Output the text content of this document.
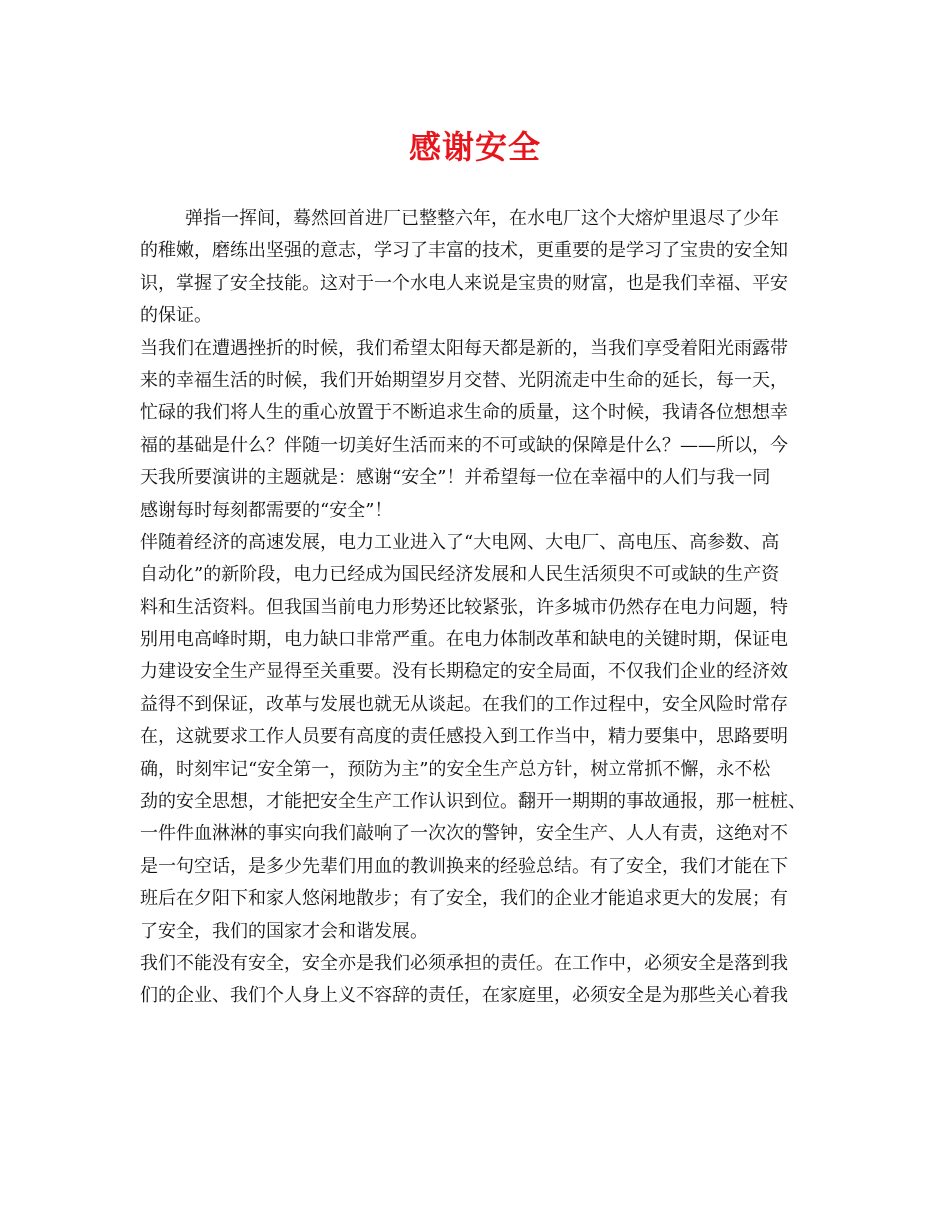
感谢安全
弹指一挥间，蓦然回首进厂已整整六年，在水电厂这个大熔炉里退尽了少年
的稚嫩，磨练出坚强的意志，学习了丰富的技术，更重要的是学习了宝贵的安全知
识，掌握了安全技能。这对于一个水电人来说是宝贵的财富，也是我们幸福、平安
的保证。
当我们在遭遇挫折的时候，我们希望太阳每天都是新的，当我们享受着阳光雨露带
来的幸福生活的时候，我们开始期望岁月交替、光阴流走中生命的延长，每一天，
忙碌的我们将人生的重心放置于不断追求生命的质量，这个时候，我请各位想想幸
福的基础是什么？伴随一切美好生活而来的不可或缺的保障是什么？——所以，今
天我所要演讲的主题就是：感谢“安全”！并希望每一位在幸福中的人们与我一同
感谢每时每刻都需要的“安全”！
伴随着经济的高速发展，电力工业进入了“大电网、大电厂、高电压、高参数、高
自动化”的新阶段，电力已经成为国民经济发展和人民生活须臾不可或缺的生产资
料和生活资料。但我国当前电力形势还比较紧张，许多城市仍然存在电力问题，特
别用电高峰时期，电力缺口非常严重。在电力体制改革和缺电的关键时期，保证电
力建设安全生产显得至关重要。没有长期稳定的安全局面，不仅我们企业的经济效
益得不到保证，改革与发展也就无从谈起。在我们的工作过程中，安全风险时常存
在，这就要求工作人员要有高度的责任感投入到工作当中，精力要集中，思路要明
确，时刻牢记“安全第一，预防为主”的安全生产总方针，树立常抓不懈，永不松
劲的安全思想，才能把安全生产工作认识到位。翻开一期期的事故通报，那一桩桩、
一件件血淋淋的事实向我们敲响了一次次的警钟，安全生产、人人有责，这绝对不
是一句空话，是多少先辈们用血的教训换来的经验总结。有了安全，我们才能在下
班后在夕阳下和家人悠闲地散步；有了安全，我们的企业才能追求更大的发展；有
了安全，我们的国家才会和谐发展。
我们不能没有安全，安全亦是我们必须承担的责任。在工作中，必须安全是落到我
们的企业、我们个人身上义不容辞的责任，在家庭里，必须安全是为那些关心着我
